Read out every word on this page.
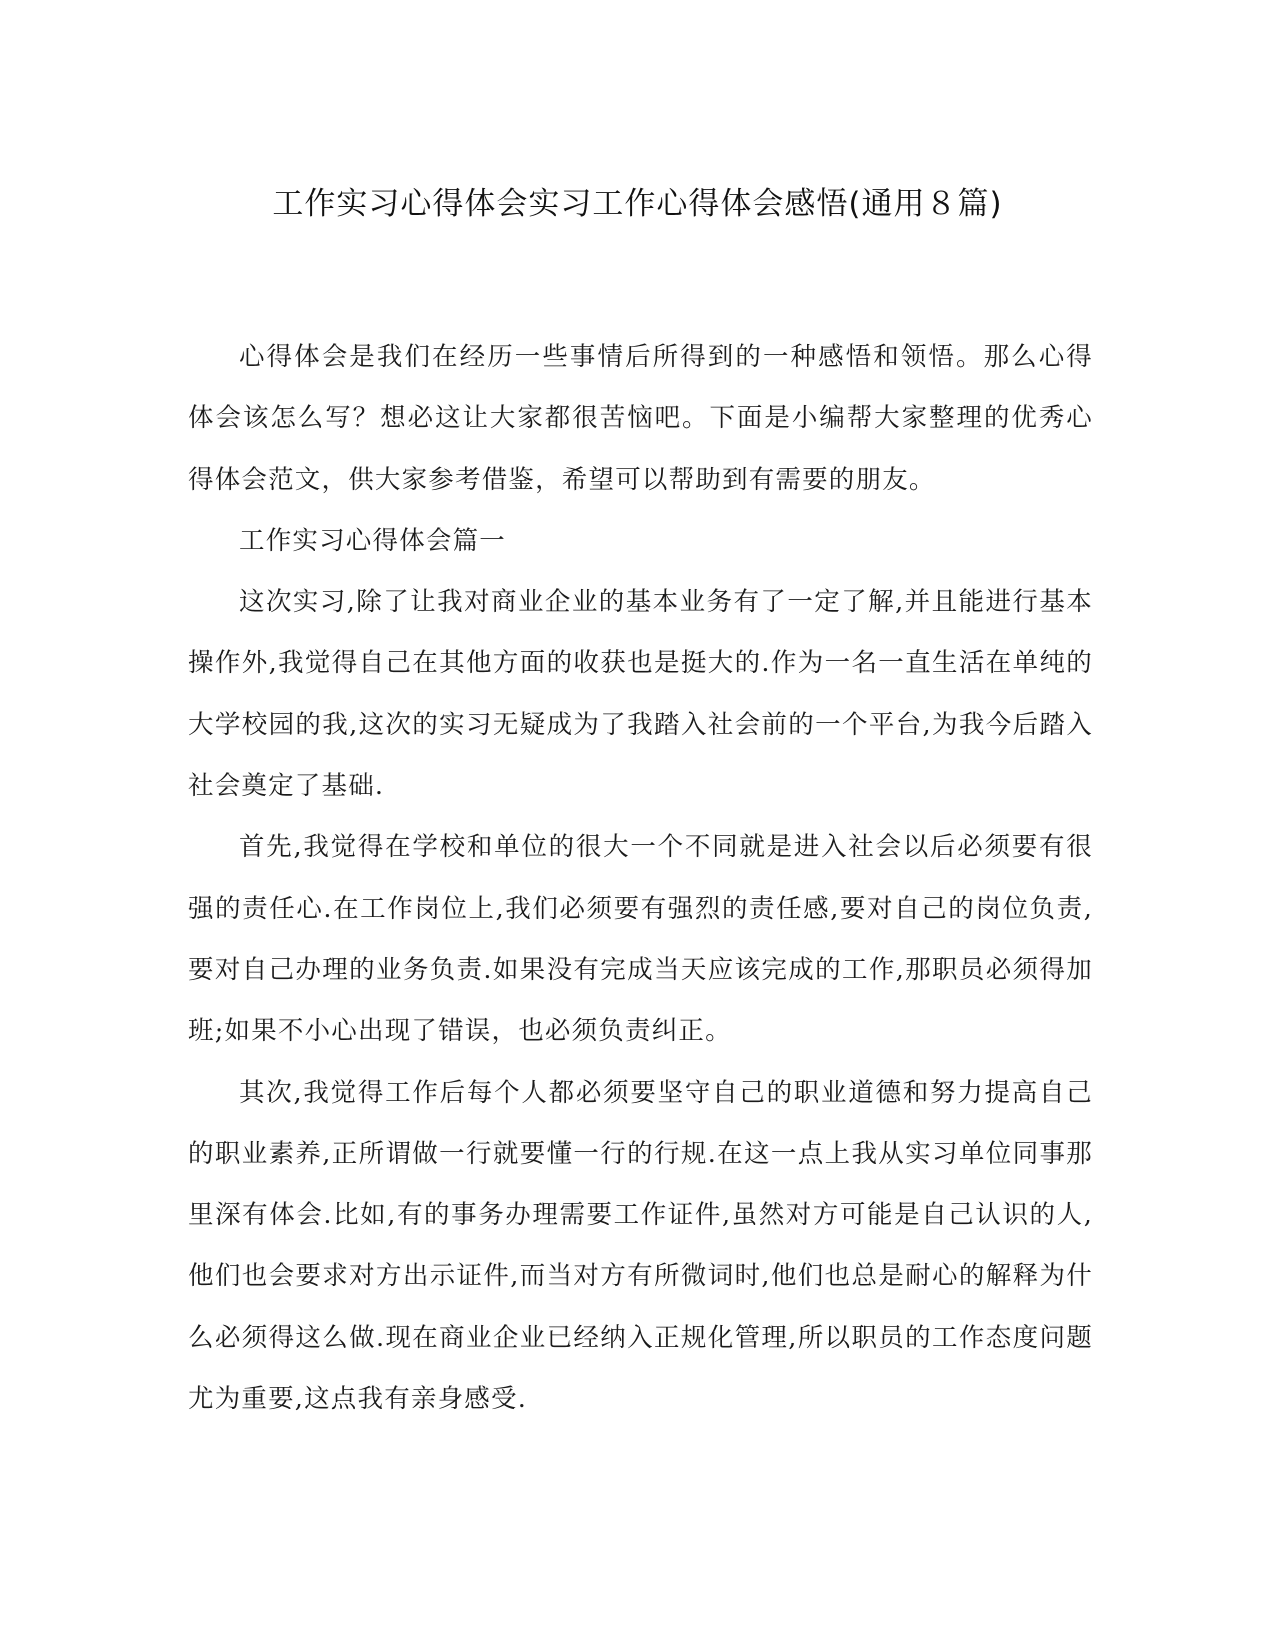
工作实习心得体会实习工作心得体会感悟(通用８篇)

心得体会是我们在经历一些事情后所得到的一种感悟和领悟。那么心得体会该怎么写？想必这让大家都很苦恼吧。下面是小编帮大家整理的优秀心得体会范文，供大家参考借鉴，希望可以帮助到有需要的朋友。

工作实习心得体会篇一

这次实习,除了让我对商业企业的基本业务有了一定了解,并且能进行基本操作外,我觉得自己在其他方面的收获也是挺大的.作为一名一直生活在单纯的大学校园的我,这次的实习无疑成为了我踏入社会前的一个平台,为我今后踏入社会奠定了基础.

首先,我觉得在学校和单位的很大一个不同就是进入社会以后必须要有很强的责任心.在工作岗位上,我们必须要有强烈的责任感,要对自己的岗位负责,要对自己办理的业务负责.如果没有完成当天应该完成的工作,那职员必须得加班;如果不小心出现了错误，也必须负责纠正。

其次,我觉得工作后每个人都必须要坚守自己的职业道德和努力提高自己的职业素养,正所谓做一行就要懂一行的行规.在这一点上我从实习单位同事那里深有体会.比如,有的事务办理需要工作证件,虽然对方可能是自己认识的人,他们也会要求对方出示证件,而当对方有所微词时,他们也总是耐心的解释为什么必须得这么做.现在商业企业已经纳入正规化管理,所以职员的工作态度问题尤为重要,这点我有亲身感受.
